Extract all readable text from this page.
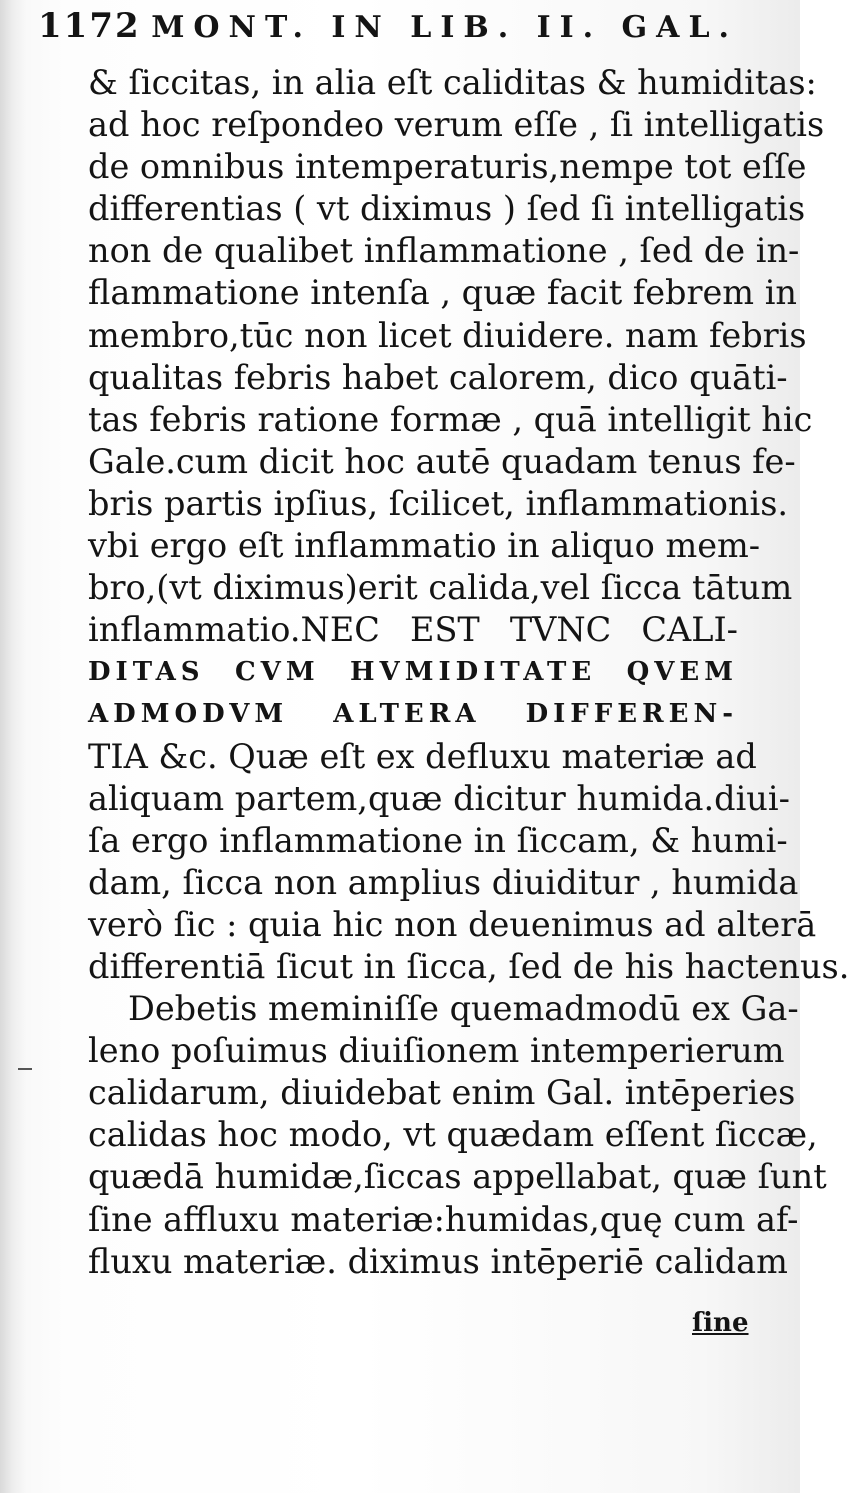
1172 MONT. IN LIB. II. GAL.
& ſiccitas, in alia eſt caliditas & humiditas:
ad hoc reſpondeo verum eſſe , ſi intelligatis
de omnibus intemperaturis,nempe tot eſſe
differentias ( vt diximus ) ſed ſi intelligatis
non de qualibet inflammatione , ſed de in-
flammatione intenſa , quæ facit febrem in
membro,tūc non licet diuidere. nam febris
qualitas febris habet calorem, dico quāti-
tas febris ratione formæ , quā intelligit hic
Gale.cum dicit hoc autē quadam tenus fe-
bris partis ipſius, ſcilicet, inflammationis.
vbi ergo eſt inflammatio in aliquo mem-
bro,(vt diximus)erit calida,vel ſicca tātum
inflammatio.NEC EST TVNC CALI-
DITAS CVM HVMIDITATE QVEM
ADMODVM ALTERA DIFFEREN-
TIA &c. Quæ eſt ex defluxu materiæ ad
aliquam partem,quæ dicitur humida.diui-
ſa ergo inflammatione in ſiccam, & humi-
dam, ſicca non amplius diuiditur , humida
verò ſic : quia hic non deuenimus ad alterā
differentiā ſicut in ſicca, ſed de his hactenus.
Debetis meminiſſe quemadmodū ex Ga-
leno poſuimus diuiſionem intemperierum
calidarum, diuidebat enim Gal. intēperies
calidas hoc modo, vt quædam eſſent ſiccæ,
quædā humidæ,ſiccas appellabat, quæ ſunt
ſine affluxu materiæ:humidas,quę cum af-
fluxu materiæ. diximus intēperiē calidam
ſine
